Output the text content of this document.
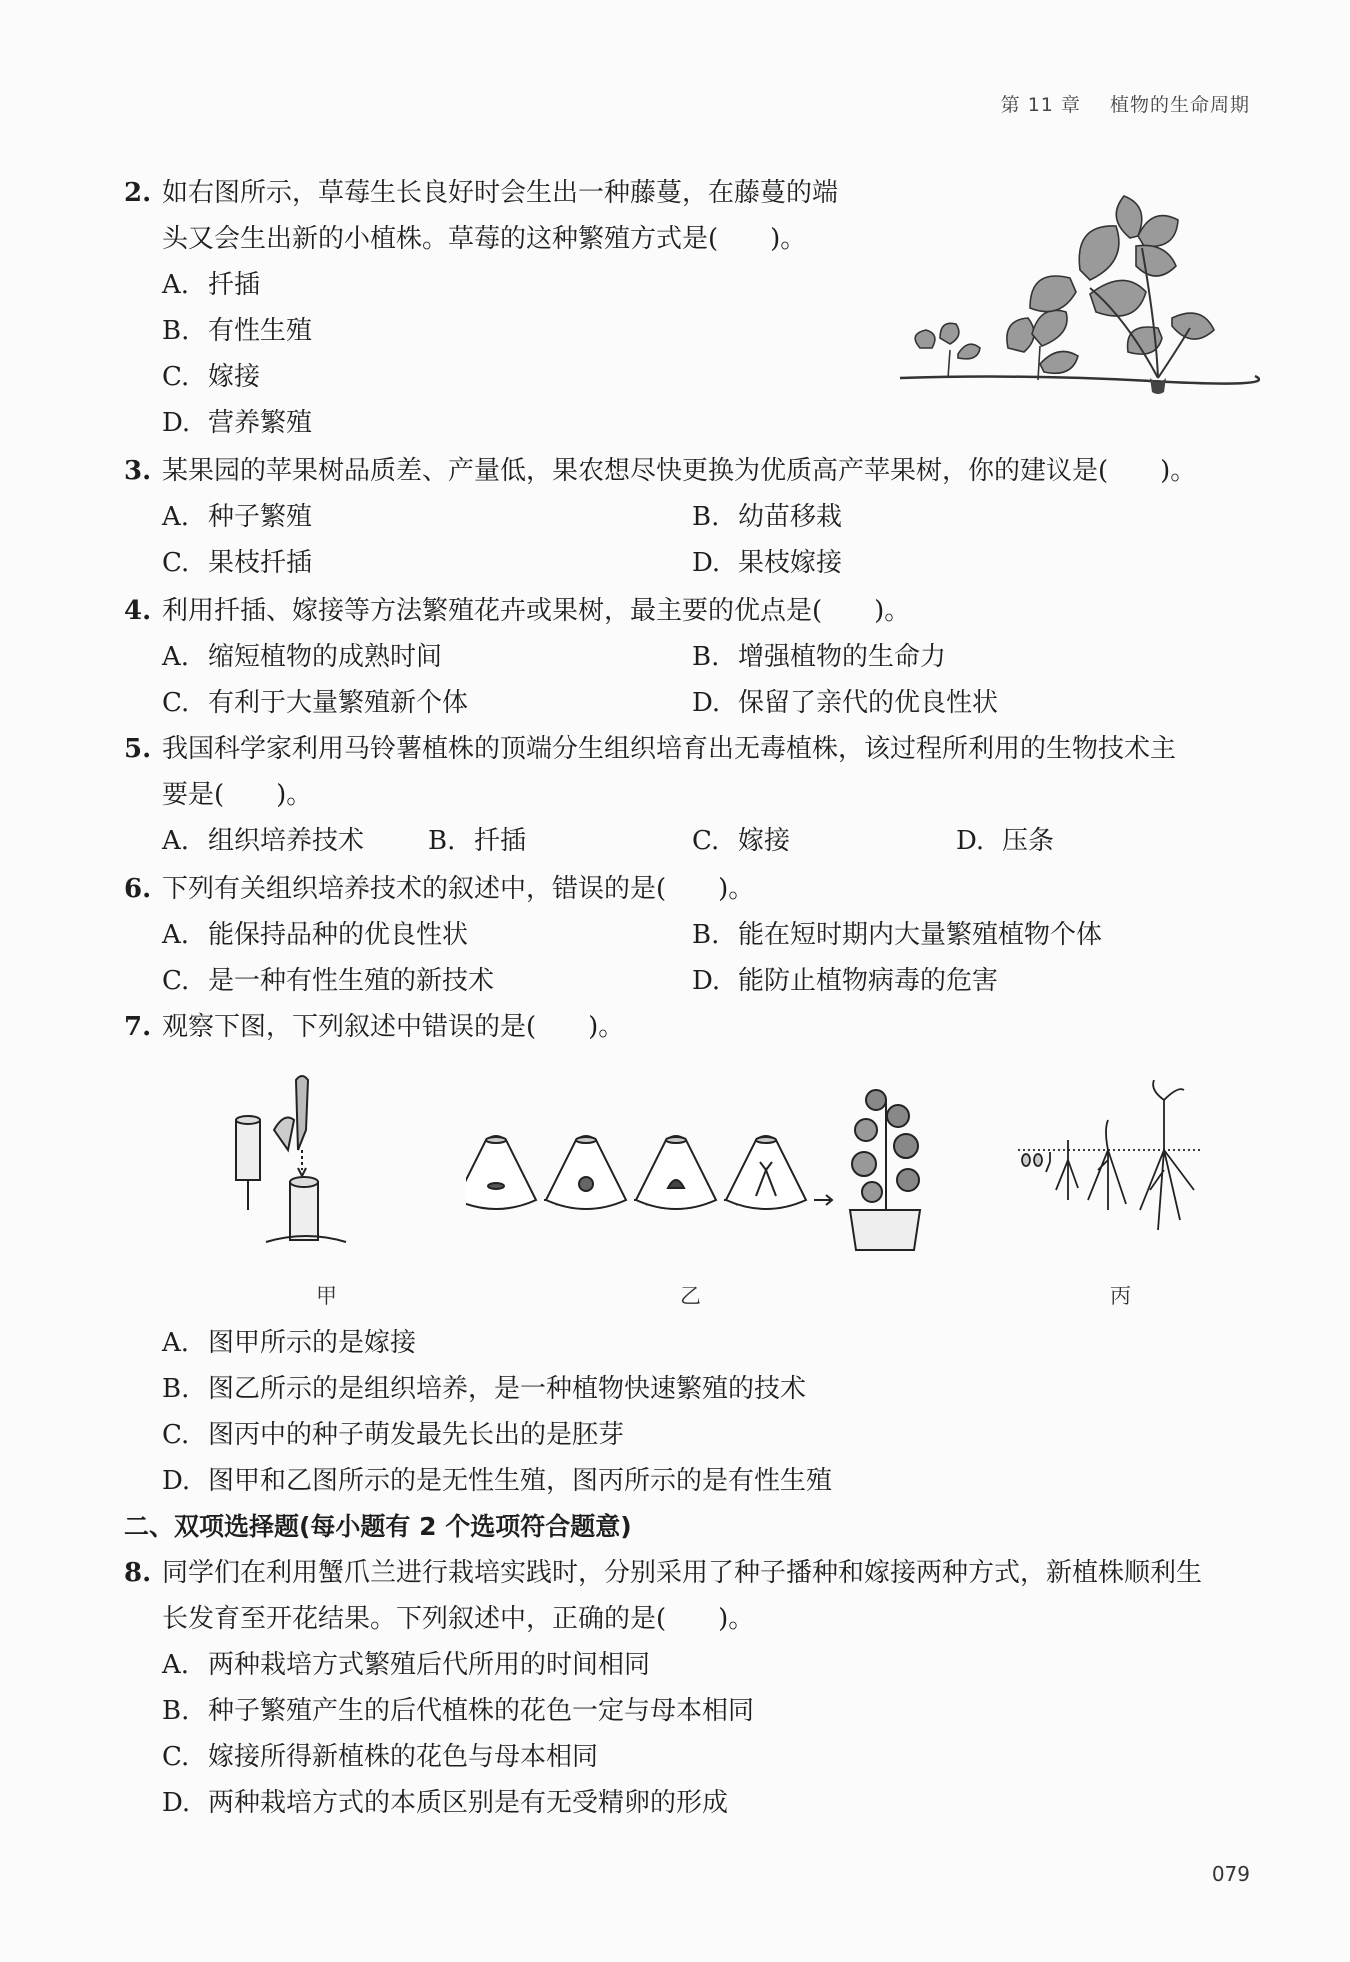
第 11 章 植物的生命周期
2. 如右图所示，草莓生长良好时会生出一种藤蔓，在藤蔓的端
头又会生出新的小植株。草莓的这种繁殖方式是(　　)。
A. 扦插
B. 有性生殖
C. 嫁接
D. 营养繁殖
3. 某果园的苹果树品质差、产量低，果农想尽快更换为优质高产苹果树，你的建议是(　　)。
A. 种子繁殖	B. 幼苗移栽
C. 果枝扦插	D. 果枝嫁接
4. 利用扦插、嫁接等方法繁殖花卉或果树，最主要的优点是(　　)。
A. 缩短植物的成熟时间	B. 增强植物的生命力
C. 有利于大量繁殖新个体	D. 保留了亲代的优良性状
5. 我国科学家利用马铃薯植株的顶端分生组织培育出无毒植株，该过程所利用的生物技术主
要是(　　)。
A. 组织培养技术 B. 扦插	C. 嫁接	D. 压条
6. 下列有关组织培养技术的叙述中，错误的是(　　)。
A. 能保持品种的优良性状	B. 能在短时期内大量繁殖植物个体
C. 是一种有性生殖的新技术	D. 能防止植物病毒的危害
7. 观察下图，下列叙述中错误的是(　　)。
甲	乙	丙
A. 图甲所示的是嫁接
B. 图乙所示的是组织培养，是一种植物快速繁殖的技术
C. 图丙中的种子萌发最先长出的是胚芽
D. 图甲和乙图所示的是无性生殖，图丙所示的是有性生殖
二、双项选择题(每小题有 2 个选项符合题意)
8. 同学们在利用蟹爪兰进行栽培实践时，分别采用了种子播种和嫁接两种方式，新植株顺利生
长发育至开花结果。下列叙述中，正确的是(　　)。
A. 两种栽培方式繁殖后代所用的时间相同
B. 种子繁殖产生的后代植株的花色一定与母本相同
C. 嫁接所得新植株的花色与母本相同
D. 两种栽培方式的本质区别是有无受精卵的形成
079
